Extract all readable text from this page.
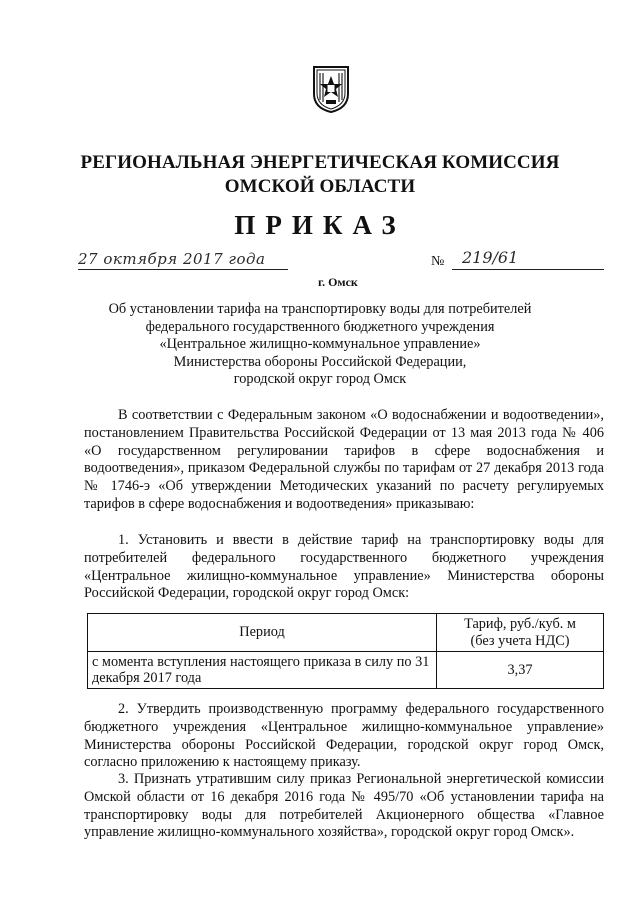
РЕГИОНАЛЬНАЯ ЭНЕРГЕТИЧЕСКАЯ КОМИССИЯ
ОМСКОЙ ОБЛАСТИ
ПРИКАЗ
27 октября 2017 года
г. Омск
№ 219/61
Об установлении тарифа на транспортировку воды для потребителей
федерального государственного бюджетного учреждения
«Центральное жилищно-коммунальное управление»
Министерства обороны Российской Федерации,
городской округ город Омск
В соответствии с Федеральным законом «О водоснабжении и водоотведении», постановлением Правительства Российской Федерации от 13 мая 2013 года № 406 «О государственном регулировании тарифов в сфере водоснабжения и водоотведения», приказом Федеральной службы по тарифам от 27 декабря 2013 года № 1746-э «Об утверждении Методических указаний по расчету регулируемых тарифов в сфере водоснабжения и водоотведения» приказываю:
1. Установить и ввести в действие тариф на транспортировку воды для потребителей федерального государственного бюджетного учреждения «Центральное жилищно-коммунальное управление» Министерства обороны Российской Федерации, городской округ город Омск:
Период	Тариф, руб./куб. м
(без учета НДС)

с момента вступления настоящего приказа в силу по 31 декабря 2017 года	3,37
2. Утвердить производственную программу федерального государственного бюджетного учреждения «Центральное жилищно-коммунальное управление» Министерства обороны Российской Федерации, городской округ город Омск, согласно приложению к настоящему приказу.
3. Признать утратившим силу приказ Региональной энергетической комиссии Омской области от 16 декабря 2016 года № 495/70 «Об установлении тарифа на транспортировку воды для потребителей Акционерного общества «Главное управление жилищно-коммунального хозяйства», городской округ город Омск».
